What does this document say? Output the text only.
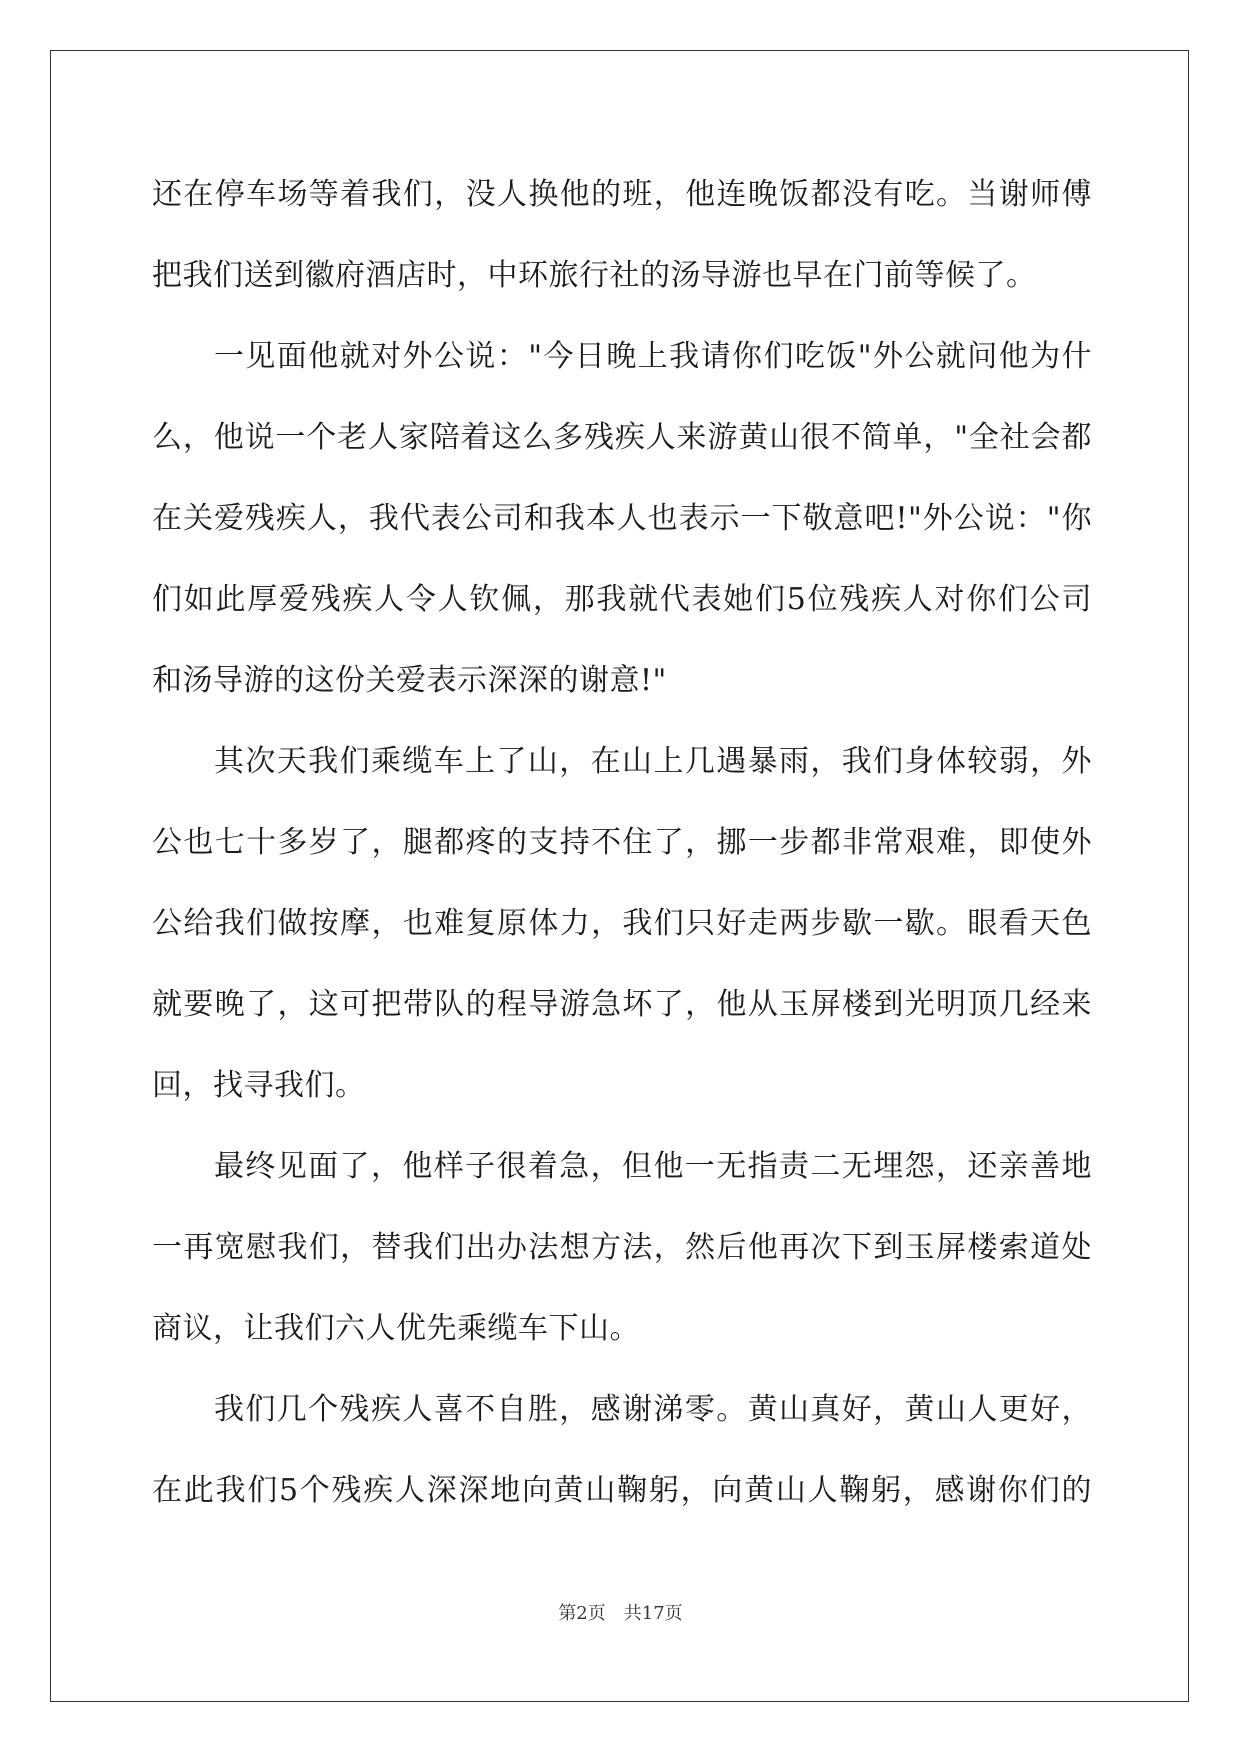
还在停车场等着我们，没人换他的班，他连晚饭都没有吃。当谢师傅
把我们送到徽府酒店时，中环旅行社的汤导游也早在门前等候了。
一见面他就对外公说："今日晚上我请你们吃饭"外公就问他为什
么，他说一个老人家陪着这么多残疾人来游黄山很不简单，"全社会都
在关爱残疾人，我代表公司和我本人也表示一下敬意吧!"外公说："你
们如此厚爱残疾人令人钦佩，那我就代表她们5位残疾人对你们公司
和汤导游的这份关爱表示深深的谢意!"
其次天我们乘缆车上了山，在山上几遇暴雨，我们身体较弱，外
公也七十多岁了，腿都疼的支持不住了，挪一步都非常艰难，即使外
公给我们做按摩，也难复原体力，我们只好走两步歇一歇。眼看天色
就要晚了，这可把带队的程导游急坏了，他从玉屏楼到光明顶几经来
回，找寻我们。
最终见面了，他样子很着急，但他一无指责二无埋怨，还亲善地
一再宽慰我们，替我们出办法想方法，然后他再次下到玉屏楼索道处
商议，让我们六人优先乘缆车下山。
我们几个残疾人喜不自胜，感谢涕零。黄山真好，黄山人更好，
在此我们5个残疾人深深地向黄山鞠躬，向黄山人鞠躬，感谢你们的
第2页　共17页
